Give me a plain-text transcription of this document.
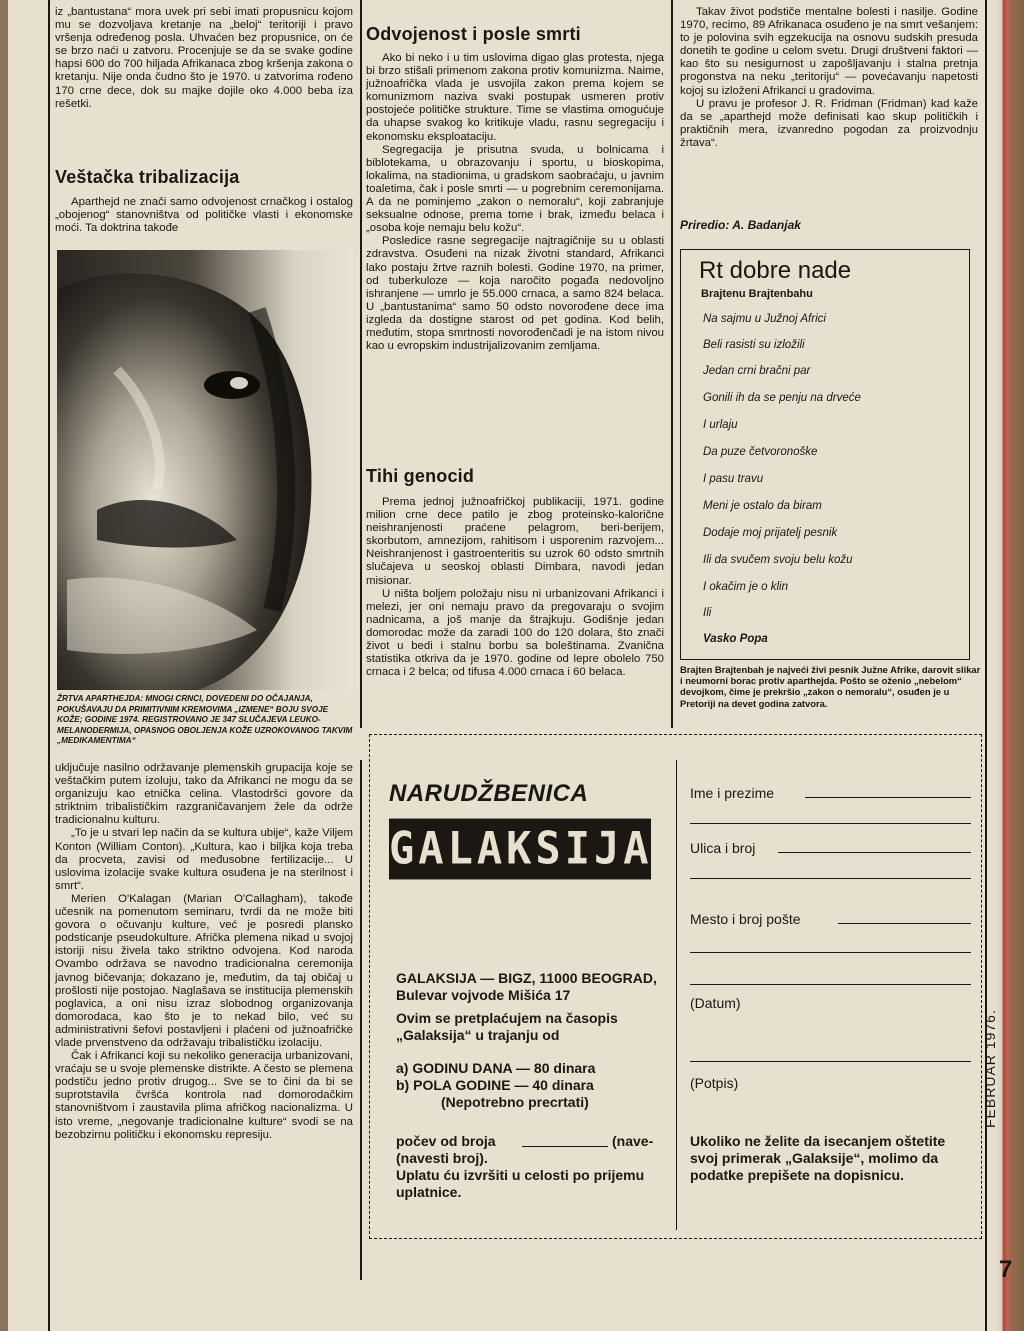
iz „bantustana“ mora uvek pri sebi imati propusnicu kojom mu se dozvoljava kretanje na „beloj“ teritoriji i pravo vršenja određenog posla. Uhvaćen bez propusnice, on će se brzo naći u zatvoru. Procenjuje se da se svake godine hapsi 600 do 700 hiljada Afrikanaca zbog kršenja zakona o kretanju. Nije onda čudno što je 1970. u zatvorima rođeno 170 crne dece, dok su majke dojile oko 4.000 beba iza rešetki.

Veštačka tribalizacija

Aparthejd ne znači samo odvojenost crnačkog i ostalog „obojenog“ stanovništva od političke vlasti i ekonomske moći. Ta doktrina takođe

ŽRTVA APARTHEJDA: MNOGI CRNCI, DOVEDENI DO OČAJANJA, POKUŠAVAJU DA PRIMITIVNIM KREMOVIMA „IZMENE“ BOJU SVOJE KOŽE; GODINE 1974. REGISTROVANO JE 347 SLUČAJEVA LEUKO-MELANODERMIJA, OPASNOG OBOLJENJA KOŽE UZROKOVANOG TAKVIM „MEDIKAMENTIMA“

uključuje nasilno održavanje plemenskih grupacija koje se veštačkim putem izoluju, tako da Afrikanci ne mogu da se organizuju kao etnička celina. Vlastodršci govore da striktnim tribalističkim razgraničavanjem žele da održe tradicionalnu kulturu.

„To je u stvari lep način da se kultura ubije“, kaže Viljem Konton (William Conton). „Kultura, kao i biljka koja treba da procveta, zavisi od međusobne fertilizacije... U uslovima izolacije svake kultura osuđena je na sterilnost i smrt“.

Merien O'Kalagan (Marian O'Callagham), takođe učesnik na pomenutom seminaru, tvrdi da ne može biti govora o očuvanju kulture, već je posredi plansko podsticanje pseudokulture. Afrička plemena nikad u svojoj istoriji nisu živela tako striktno odvojena. Kod naroda Ovambo održava se navodno tradicionalna ceremonija javnog bičevanja; dokazano je, međutim, da taj običaj u prošlosti nije postojao. Naglašava se institucija plemenskih poglavica, a oni nisu izraz slobodnog organizovanja domorodaca, kao što je to nekad bilo, već su administrativni šefovi postavljeni i plaćeni od južnoafričke vlade prvenstveno da održavaju tribalističku izolaciju.

Čak i Afrikanci koji su nekoliko generacija urbanizovani, vraćaju se u svoje plemenske distrikte. A često se plemena podstiču jedno protiv drugog... Sve se to čini da bi se suprotstavila čvršća kontrola nad domorodačkim stanovništvom i zaustavila plima afričkog nacionalizma. U isto vreme, „negovanje tradicionalne kulture“ svodi se na bezobzirnu političku i ekonomsku represiju.

Odvojenost i posle smrti

Ako bi neko i u tim uslovima digao glas protesta, njega bi brzo stišali primenom zakona protiv komunizma. Naime, južnoafrička vlada je usvojila zakon prema kojem se komunizmom naziva svaki postupak usmeren protiv postojeće političke strukture. Time se vlastima omogućuje da uhapse svakog ko kritikuje vladu, rasnu segregaciju i ekonomsku eksploataciju.

Segregacija je prisutna svuda, u bolnicama i biblotekama, u obrazovanju i sportu, u bioskopima, lokalima, na stadionima, u gradskom saobraćaju, u javnim toaletima, čak i posle smrti — u pogrebnim ceremonijama. A da ne pominjemo „zakon o nemoralu“, koji zabranjuje seksualne odnose, prema tome i brak, između belaca i „osoba koje nemaju belu kožu“.

Posledice rasne segregacije najtragičnije su u oblasti zdravstva. Osuđeni na nizak životni standard, Afrikanci lako postaju žrtve raznih bolesti. Godine 1970, na primer, od tuberkuloze — koja naročito pogađa nedovoljno ishranjene — umrlo je 55.000 crnaca, a samo 824 belaca. U „bantustanima“ samo 50 odsto novorođene dece ima izgleda da dostigne starost od pet godina. Kod belih, međutim, stopa smrtnosti novorođenčadi je na istom nivou kao u evropskim industrijalizovanim zemljama.

Tihi genocid

Prema jednoj južnoafričkoj publikaciji, 1971. godine milion crne dece patilo je zbog proteinsko-kaloričnе neishranjenosti praćene pelagrom, beri-berijem, skorbutom, amnezijom, rahitisom i usporenim razvojem... Neishranjenost i gastroenteritis su uzrok 60 odsto smrtnih slučajeva u seoskoj oblasti Dimbara, navodi jedan misionar.

U ništa boljem položaju nisu ni urbanizovani Afrikanci i melezi, jer oni nemaju pravo da pregovaraju o svojim nadnicama, a još manje da štrajkuju. Godišnje jedan domorodac može da zaradi 100 do 120 dolara, što znači život u bedi i stalnu borbu sa boleštinama. Zvanična statistika otkriva da je 1970. godine od lepre obolelo 750 crnaca i 2 belca; od tifusa 4.000 crnaca i 60 belaca.

Takav život podstiče mentalne bolesti i nasilje. Godine 1970, recimo, 89 Afrikanaca osuđeno je na smrt vešanjem: to je polovina svih egzekucija na osnovu sudskih presuda donetih te godine u celom svetu. Drugi društveni faktori — kao što su nesigurnost u zapošljavanju i stalna pretnja progonstva na neku „teritoriju“ — povećavanju napetosti kojoj su izloženi Afrikanci u gradovima.

U pravu je profesor J. R. Fridman (Fridman) kad kaže da se „aparthejd može definisati kao skup političkih i praktičnih mera, izvanredno pogodan za proizvodnju žrtava“.

Priredio: A. Badanjak
Rt dobre nade
Brajtenu Brajtenbahu
Na sajmu u Južnoj Africi
Beli rasisti su izložili
Jedan crni bračni par
Gonili ih da se penju na drveće
I urlaju
Da puze četvoronoške
I pasu travu
Meni je ostalo da biram
Dodaje moj prijatelj pesnik
Ili da svučem svoju belu kožu
I okačim je o klin
Ili
Vasko Popa
Brajten Brajtenbah je najveći živi pesnik Južne Afrike, darovit slikar i neumorni borac protiv aparthejda. Pošto se oženio „nebelom“ devojkom, čime je prekršio „zakon o nemoralu“, osuđen je u Pretoriji na devet godina zatvora.
NARUDŽBENICA
GALAKSIJA
GALAKSIJA — BIGZ, 11000 BEOGRAD, Bulevar vojvode Mišića 17
Ovim se pretplaćujem na časopis „Galaksija“ u trajanju od
a) GODINU DANA — 80 dinara
b) POLA GODINE — 40 dinara
(Nepotrebno precrtati)
počev od broja	(nave-
(navesti broj).
Uplatu ću izvršiti u celosti po prijemu uplatnice.
Ime i prezime
Ulica i broj
Mesto i broj pošte
(Datum)
(Potpis)
Ukoliko ne želite da isecanjem oštetite svoj primerak „Galaksije“, molimo da podatke prepišete na dopisnicu.
FEBRUAR 1976.
7
